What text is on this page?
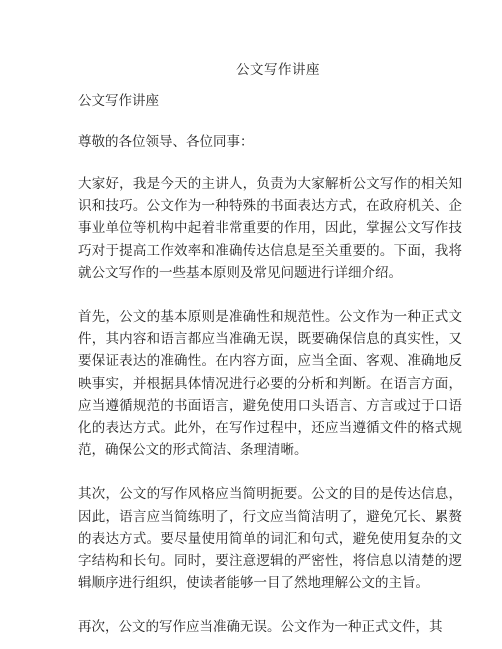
公文写作讲座
公文写作讲座
尊敬的各位领导、各位同事：

大家好，我是今天的主讲人，负责为大家解析公文写作的相关知识和技巧。公文作为一种特殊的书面表达方式，在政府机关、企事业单位等机构中起着非常重要的作用，因此，掌握公文写作技巧对于提高工作效率和准确传达信息是至关重要的。下面，我将就公文写作的一些基本原则及常见问题进行详细介绍。

首先，公文的基本原则是准确性和规范性。公文作为一种正式文件，其内容和语言都应当准确无误，既要确保信息的真实性，又要保证表达的准确性。在内容方面，应当全面、客观、准确地反映事实，并根据具体情况进行必要的分析和判断。在语言方面，应当遵循规范的书面语言，避免使用口头语言、方言或过于口语化的表达方式。此外，在写作过程中，还应当遵循文件的格式规范，确保公文的形式简洁、条理清晰。

其次，公文的写作风格应当简明扼要。公文的目的是传达信息，因此，语言应当简练明了，行文应当简洁明了，避免冗长、累赘的表达方式。要尽量使用简单的词汇和句式，避免使用复杂的文字结构和长句。同时，要注意逻辑的严密性，将信息以清楚的逻辑顺序进行组织，使读者能够一目了然地理解公文的主旨。

再次，公文的写作应当准确无误。公文作为一种正式文件，其
